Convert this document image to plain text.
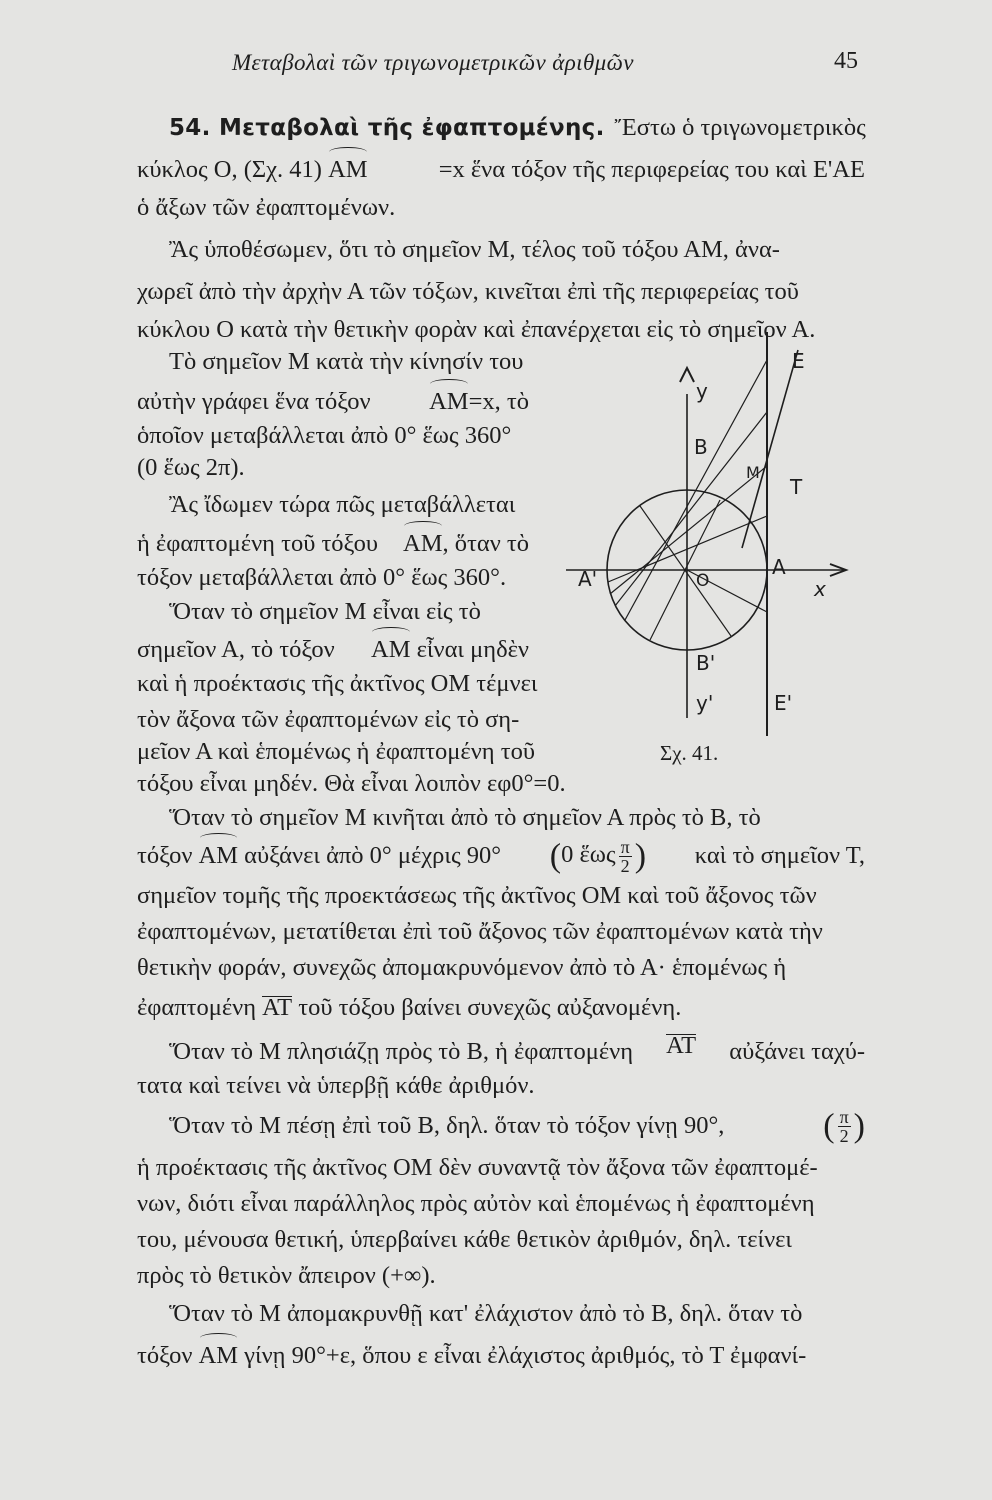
Μεταβολαὶ τῶν τριγωνομετρικῶν ἀριθμῶν	45
54. Μεταβολαὶ τῆς ἐφαπτομένης. Ἔστω ὁ τριγωνομετρικὸς
κύκλος Ο, (Σχ. 41) ΑΜ	=x ἕνα τόξον τῆς περιφερείας του καὶ Ε'ΑΕ
ὁ ἄξων τῶν ἐφαπτομένων.
Ἂς ὑποθέσωμεν, ὅτι τὸ σημεῖον Μ, τέλος τοῦ τόξου ΑΜ, ἀνα-
χωρεῖ ἀπὸ τὴν ἀρχὴν Α τῶν τόξων, κινεῖται ἐπὶ τῆς περιφερείας τοῦ
κύκλου Ο κατὰ τὴν θετικὴν φορὰν καὶ ἐπανέρχεται εἰς τὸ σημεῖον Α.
Τὸ σημεῖον Μ κατὰ τὴν κίνησίν του
αὐτὴν γράφει ἕνα τόξον ΑΜ=x, τὸ
ὁποῖον μεταβάλλεται ἀπὸ 0° ἕως 360°
(0 ἕως 2π).
Ἂς ἴδωμεν τώρα πῶς μεταβάλλεται
ἡ ἐφαπτομένη τοῦ τόξου ΑΜ, ὅταν τὸ
τόξον μεταβάλλεται ἀπὸ 0° ἕως 360°.
Ὅταν τὸ σημεῖον Μ εἶναι εἰς τὸ
σημεῖον Α, τὸ τόξον ΑΜ εἶναι μηδὲν
καὶ ἡ προέκτασις τῆς ἀκτῖνος ΟΜ τέμνει
τὸν ἄξονα τῶν ἐφαπτομένων εἰς τὸ ση-
μεῖον Α καὶ ἑπομένως ἡ ἐφαπτομένη τοῦ
τόξου εἶναι μηδέν. Θὰ εἶναι λοιπὸν εφ0°=0.
Ὅταν τὸ σημεῖον Μ κινῆται ἀπὸ τὸ σημεῖον Α πρὸς τὸ Β, τὸ
τόξον ΑΜ αὐξάνει ἀπὸ 0° μέχρις 90° (0 ἕως $\frac{\pi}{2}$ ) καὶ τὸ σημεῖον Τ,
σημεῖον τομῆς τῆς προεκτάσεως τῆς ἀκτῖνος ΟΜ καὶ τοῦ ἄξονος τῶν
ἐφαπτομένων, μετατίθεται ἐπὶ τοῦ ἄξονος τῶν ἐφαπτομένων κατὰ τὴν
θετικὴν φοράν, συνεχῶς ἀπομακρυνόμενον ἀπὸ τὸ Α· ἑπομένως ἡ
ἐφαπτομένη ΑΤ τοῦ τόξου βαίνει συνεχῶς αὐξανομένη.
Ὅταν τὸ Μ πλησιάζῃ πρὸς τὸ Β, ἡ ἐφαπτομένη ΑΤ αὐξάνει ταχύ-
τατα καὶ τείνει νὰ ὑπερβῇ κάθε ἀριθμόν.
Ὅταν τὸ Μ πέσῃ ἐπὶ τοῦ Β, δηλ. ὅταν τὸ τόξον γίνῃ 90°,	( $\frac{\pi}{2}$ )
ἡ προέκτασις τῆς ἀκτῖνος ΟΜ δὲν συναντᾷ τὸν ἄξονα τῶν ἐφαπτομέ-
νων, διότι εἶναι παράλληλος πρὸς αὐτὸν καὶ ἑπομένως ἡ ἐφαπτομένη
του, μένουσα θετική, ὑπερβαίνει κάθε θετικὸν ἀριθμόν, δηλ. τείνει
πρὸς τὸ θετικὸν ἄπειρον (+∞).
Ὅταν τὸ Μ ἀπομακρυνθῇ κατ' ἐλάχιστον ἀπὸ τὸ Β, δηλ. ὅταν τὸ
τόξον ΑΜ γίνῃ 90°+ε, ὅπου ε εἶναι ἐλάχιστος ἀριθμός, τὸ Τ ἐμφανί-
E
y
B
M
T
A'	O
A
x
B'
y'	E'
Σχ. 41.
